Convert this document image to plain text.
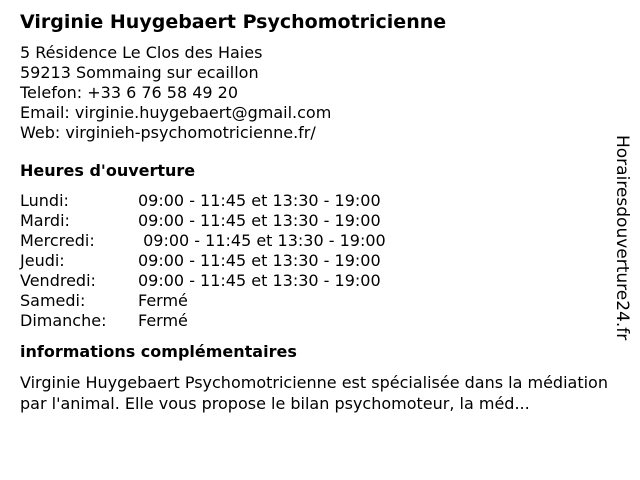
Virginie Huygebaert Psychomotricienne
5 Résidence Le Clos des Haies
59213 Sommaing sur ecaillon
Telefon: +33 6 76 58 49 20
Email: virginie.huygebaert@gmail.com
Web: virginieh-psychomotricienne.fr/
Heures d'ouverture
Lundi:	09:00 - 11:45 et 13:30 - 19:00
Mardi:	09:00 - 11:45 et 13:30 - 19:00
Mercredi:	09:00 - 11:45 et 13:30 - 19:00
Jeudi:	09:00 - 11:45 et 13:30 - 19:00
Vendredi:	09:00 - 11:45 et 13:30 - 19:00
Samedi:	Fermé
Dimanche:	Fermé
informations complémentaires
Virginie Huygebaert Psychomotricienne est spécialisée dans la médiation par l'animal. Elle vous propose le bilan psychomoteur, la méd...
Horairesdouverture24.fr
